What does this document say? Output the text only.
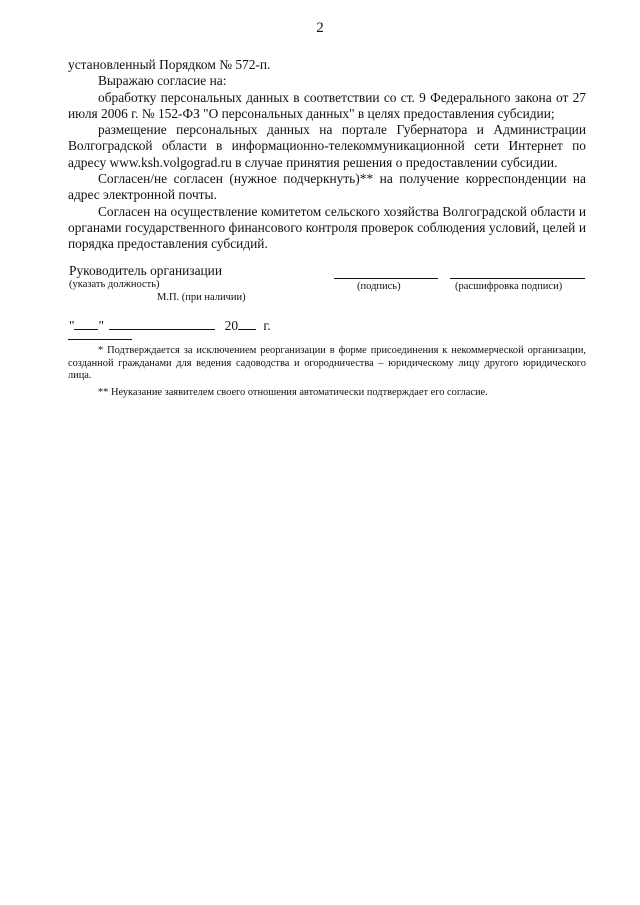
2

установленный Порядком № 572-п.

Выражаю согласие на:

обработку персональных данных в соответствии со ст. 9 Федерального закона от 27 июля 2006 г. № 152-ФЗ "О персональных данных" в целях предоставления субсидии;

размещение персональных данных на портале Губернатора и Администрации Волгоградской области в информационно-телекоммуникационной сети Интернет по адресу www.ksh.volgograd.ru в случае принятия решения о предоставлении субсидии.

Согласен/не согласен (нужное подчеркнуть)** на получение корреспонденции на адрес электронной почты.

Согласен на осуществление комитетом сельского хозяйства Волгоградской области и органами государственного финансового контроля проверок соблюдения условий, целей и порядка предоставления субсидий.

Руководитель организации
(указать должность)
М.П. (при наличии)
(подпись)	(расшифровка подписи)
" "	20 г.

* Подтверждается за исключением реорганизации в форме присоединения к некоммерческой организации, созданной гражданами для ведения садоводства и огородничества – юридическому лицу другого юридического лица.

** Неуказание заявителем своего отношения автоматически подтверждает его согласие.
